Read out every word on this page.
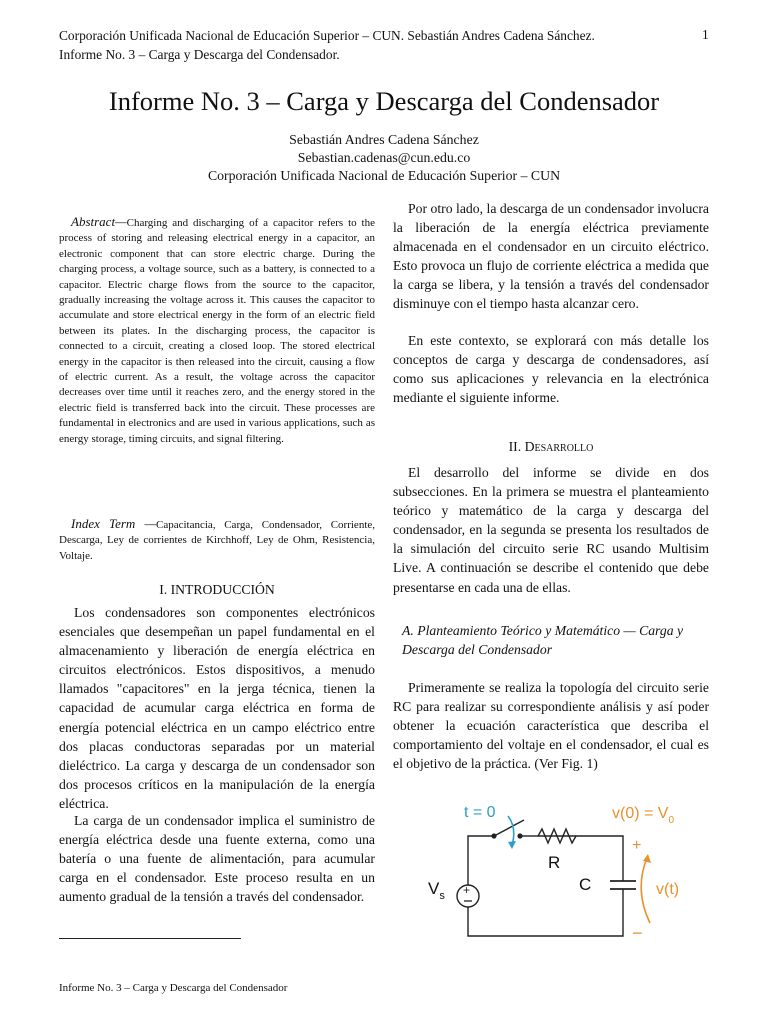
Corporación Unificada Nacional de Educación Superior – CUN. Sebastián Andres Cadena Sánchez.
Informe No. 3 – Carga y Descarga del Condensador.
1
Informe No. 3 – Carga y Descarga del Condensador
Sebastián Andres Cadena Sánchez
Sebastian.cadenas@cun.edu.co
Corporación Unificada Nacional de Educación Superior – CUN
Abstract—Charging and discharging of a capacitor refers to the process of storing and releasing electrical energy in a capacitor, an electronic component that can store electric charge. During the charging process, a voltage source, such as a battery, is connected to a capacitor. Electric charge flows from the source to the capacitor, gradually increasing the voltage across it. This causes the capacitor to accumulate and store electrical energy in the form of an electric field between its plates. In the discharging process, the capacitor is connected to a circuit, creating a closed loop. The stored electrical energy in the capacitor is then released into the circuit, causing a flow of electric current. As a result, the voltage across the capacitor decreases over time until it reaches zero, and the energy stored in the electric field is transferred back into the circuit. These processes are fundamental in electronics and are used in various applications, such as energy storage, timing circuits, and signal filtering.
Index Term —Capacitancia, Carga, Condensador, Corriente, Descarga, Ley de corrientes de Kirchhoff, Ley de Ohm, Resistencia, Voltaje.
I. INTRODUCCIÓN
Los condensadores son componentes electrónicos esenciales que desempeñan un papel fundamental en el almacenamiento y liberación de energía eléctrica en circuitos electrónicos. Estos dispositivos, a menudo llamados "capacitores" en la jerga técnica, tienen la capacidad de acumular carga eléctrica en forma de energía potencial eléctrica en un campo eléctrico entre dos placas conductoras separadas por un material dieléctrico. La carga y descarga de un condensador son dos procesos críticos en la manipulación de la energía eléctrica.
La carga de un condensador implica el suministro de energía eléctrica desde una fuente externa, como una batería o una fuente de alimentación, para acumular carga en el condensador. Este proceso resulta en un aumento gradual de la tensión a través del condensador.
Por otro lado, la descarga de un condensador involucra la liberación de la energía eléctrica previamente almacenada en el condensador en un circuito eléctrico. Esto provoca un flujo de corriente eléctrica a medida que la carga se libera, y la tensión a través del condensador disminuye con el tiempo hasta alcanzar cero.
En este contexto, se explorará con más detalle los conceptos de carga y descarga de condensadores, así como sus aplicaciones y relevancia en la electrónica mediante el siguiente informe.
II. Desarrollo
El desarrollo del informe se divide en dos subsecciones. En la primera se muestra el planteamiento teórico y matemático de la carga y descarga del condensador, en la segunda se presenta los resultados de la simulación del circuito serie RC usando Multisim Live. A continuación se describe el contenido que debe presentarse en cada una de ellas.
A. Planteamiento Teórico y Matemático — Carga y Descarga del Condensador
Primeramente se realiza la topología del circuito serie RC para realizar su correspondiente análisis y así poder obtener la ecuación característica que describa el comportamiento del voltaje en el condensador, el cual es el objetivo de la práctica. (Ver Fig. 1)
t = 0
R
+
$V_s$
C
+
−
v(t)
$v(0) = V_0$
Informe No. 3 – Carga y Descarga del Condensador
